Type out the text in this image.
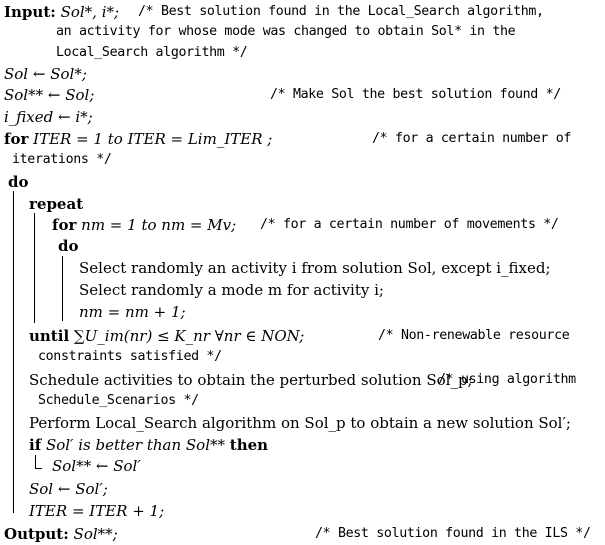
Input: Sol*, i*; /* Best solution found in the Local_Search algorithm,
an activity for whose mode was changed to obtain Sol* in the
Local_Search algorithm */
Sol ← Sol*;
Sol** ← Sol;	/* Make Sol the best solution found */
i_fixed ← i*;
for ITER = 1 to ITER = Lim_ITER ;	/* for a certain number of
iterations */
do
repeat
for nm = 1 to nm = Mv; /* for a certain number of movements */
do
Select randomly an activity i from solution Sol, except i_fixed;
Select randomly a mode m for activity i;
nm = nm + 1;
until ∑U_im(nr) ≤ K_nr ∀nr ∈ NON;	/* Non-renewable resource
constraints satisfied */
Schedule activities to obtain the perturbed solution Sol_p;
/* using algorithm
Schedule_Scenarios */
Perform Local_Search algorithm on Sol_p to obtain a new solution Sol′;
if Sol′ is better than Sol** then
Sol** ← Sol′
Sol ← Sol′;
ITER = ITER + 1;
Output: Sol**;	/* Best solution found in the ILS */
